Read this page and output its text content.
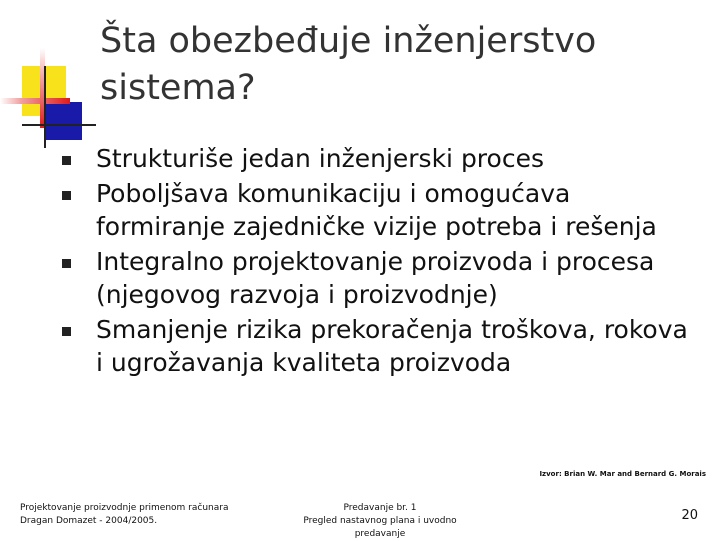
Šta obezbeđuje inženjerstvo sistema?
Strukturiše jedan inženjerski proces
Poboljšava komunikaciju i omogućava formiranje zajedničke vizije potreba i rešenja
Integralno projektovanje proizvoda i procesa (njegovog razvoja i proizvodnje)
Smanjenje rizika prekoračenja troškova, rokova i ugrožavanja kvaliteta proizvoda
Izvor: Brian W. Mar and Bernard G. Morais
Projektovanje proizvodnje primenom računara
Dragan Domazet - 2004/2005.
Predavanje br. 1
Pregled nastavnog plana i uvodno predavanje
20
